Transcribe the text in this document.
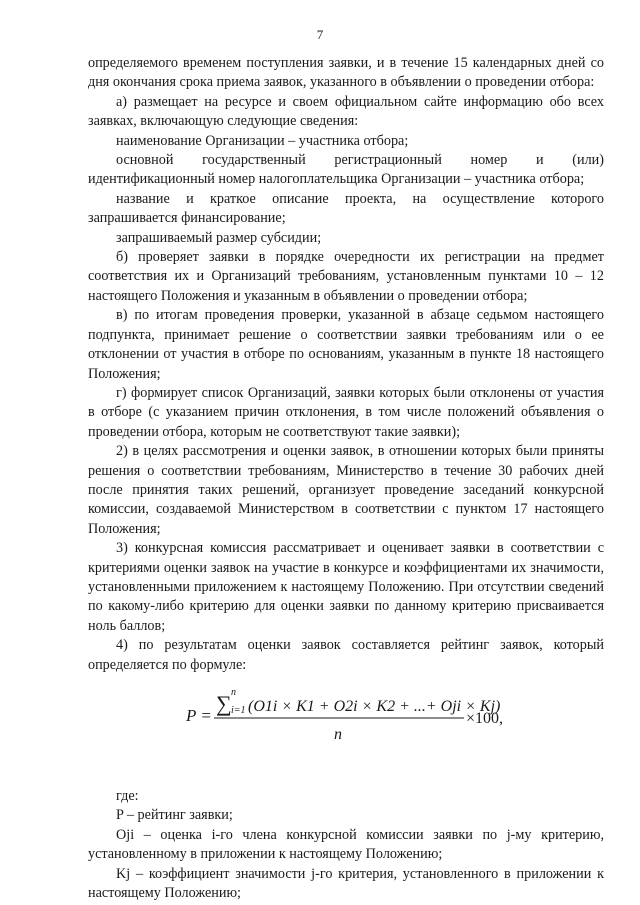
7

определяемого временем поступления заявки, и в течение 15 календарных дней со дня окончания срока приема заявок, указанного в объявлении о проведении отбора:

а) размещает на ресурсе и своем официальном сайте информацию обо всех заявках, включающую следующие сведения:

наименование Организации – участника отбора;

основной государственный регистрационный номер и (или) идентификационный номер налогоплательщика Организации – участника отбора;

название и краткое описание проекта, на осуществление которого запрашивается финансирование;

запрашиваемый размер субсидии;

б) проверяет заявки в порядке очередности их регистрации на предмет соответствия их и Организаций требованиям, установленным пунктами 10 – 12 настоящего Положения и указанным в объявлении о проведении отбора;

в) по итогам проведения проверки, указанной в абзаце седьмом настоящего подпункта, принимает решение о соответствии заявки требованиям или о ее отклонении от участия в отборе по основаниям, указанным в пункте 18 настоящего Положения;

г) формирует список Организаций, заявки которых были отклонены от участия в отборе (с указанием причин отклонения, в том числе положений объявления о проведении отбора, которым не соответствуют такие заявки);

2) в целях рассмотрения и оценки заявок, в отношении которых были приняты решения о соответствии требованиям, Министерство в течение 30 рабочих дней после принятия таких решений, организует проведение заседаний конкурсной комиссии, создаваемой Министерством в соответствии с пунктом 17 настоящего Положения;

3) конкурсная комиссия рассматривает и оценивает заявки в соответствии с критериями оценки заявок на участие в конкурсе и коэффициентами их значимости, установленными приложением к настоящему Положению. При отсутствии сведений по какому-либо критерию для оценки заявки по данному критерию присваивается ноль баллов;

4) по результатам оценки заявок составляется рейтинг заявок, который определяется по формуле:

P = ∑ n
i=1 (O1i × K1 + O2i × K2 + ...+ Oji × Kj)
n
×100,

где:

P – рейтинг заявки;

Oji – оценка i-го члена конкурсной комиссии заявки по j-му критерию, установленному в приложении к настоящему Положению;

Kj – коэффициент значимости j-го критерия, установленного в приложении к настоящему Положению;
